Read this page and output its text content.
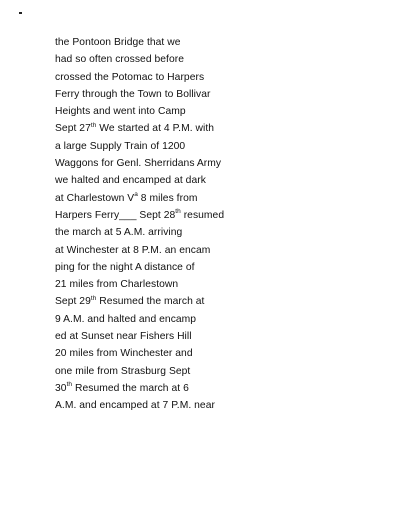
the Pontoon Bridge that we
had so often crossed before
crossed the Potomac to Harpers
Ferry through the Town to Bollivar
Heights and went into Camp
Sept 27th We started at 4 P.M. with
a large Supply Train of 1200
Waggons for Genl. Sherridans Army
we halted and encamped at dark
at Charlestown $V^a$ 8 miles from
Harpers Ferry___ Sept 28th resumed
the march at 5 A.M. arriving
at Winchester at 8 P.M. an encam
ping for the night A distance of
21 miles from Charlestown
Sept 29th Resumed the march at
9 A.M. and halted and encamp
ed at Sunset near Fishers Hill
20 miles from Winchester and
one mile from Strasburg Sept
30th Resumed the march at 6
A.M. and encamped at 7 P.M. near
